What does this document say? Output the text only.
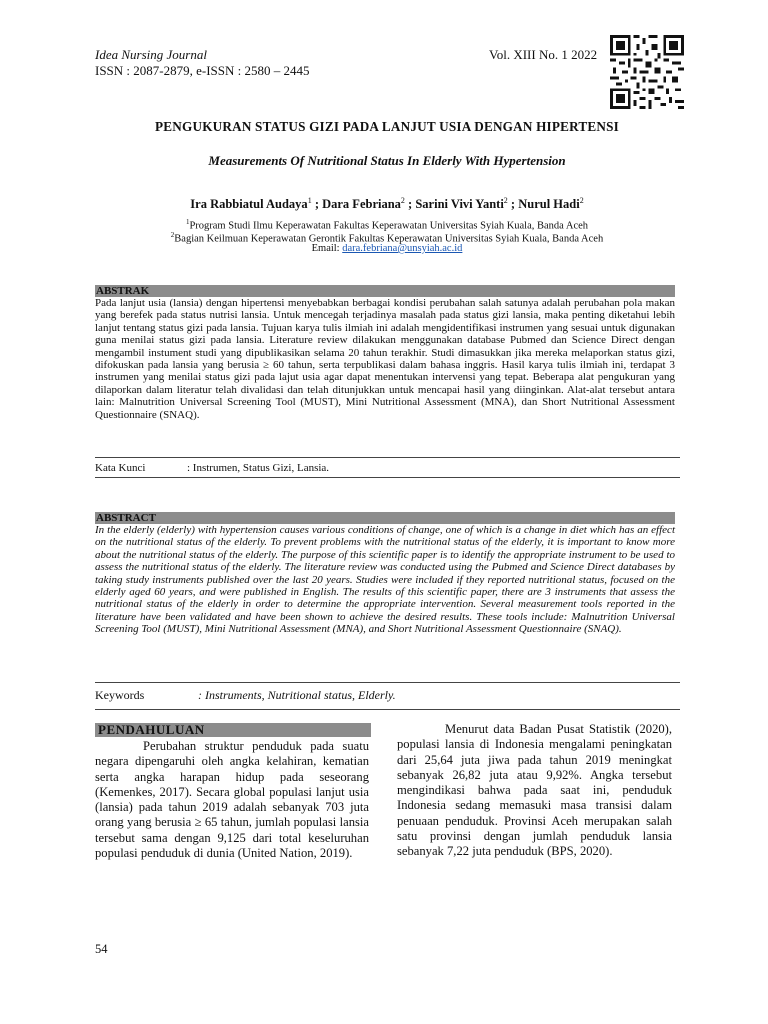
Idea Nursing Journal
ISSN : 2087-2879, e-ISSN : 2580 – 2445
Vol. XIII No. 1 2022
PENGUKURAN STATUS GIZI PADA LANJUT USIA DENGAN HIPERTENSI
Measurements Of Nutritional Status In Elderly With Hypertension
Ira Rabbiatul Audaya$^1$ ; Dara Febriana$^2$ ; Sarini Vivi Yanti$^2$ ; Nurul Hadi$^2$
$^1$Program Studi Ilmu Keperawatan Fakultas Keperawatan Universitas Syiah Kuala, Banda Aceh
$^2$Bagian Keilmuan Keperawatan Gerontik Fakultas Keperawatan Universitas Syiah Kuala, Banda Aceh
Email: dara.febriana@unsyiah.ac.id
ABSTRAK

Pada lanjut usia (lansia) dengan hipertensi menyebabkan berbagai kondisi perubahan salah satunya adalah perubahan pola makan yang berefek pada status nutrisi lansia. Untuk mencegah terjadinya masalah pada status gizi lansia, maka penting diketahui lebih lanjut tentang status gizi pada lansia. Tujuan karya tulis ilmiah ini adalah mengidentifikasi instrumen yang sesuai untuk digunakan guna menilai status gizi pada lansia. Literature review dilakukan menggunakan database Pubmed dan Science Direct dengan mengambil instument studi yang dipublikasikan selama 20 tahun terakhir. Studi dimasukkan jika mereka melaporkan status gizi, difokuskan pada lansia yang berusia ≥ 60 tahun, serta terpublikasi dalam bahasa inggris. Hasil karya tulis ilmiah ini, terdapat 3 instrumen yang menilai status gizi pada lajut usia agar dapat menentukan intervensi yang tepat. Beberapa alat pengukuran yang dilaporkan dalam literatur telah divalidasi dan telah ditunjukkan untuk mencapai hasil yang diinginkan. Alat-alat tersebut antara lain: Malnutrition Universal Screening Tool (MUST), Mini Nutritional Assessment (MNA), dan Short Nutritional Assessment Questionnaire (SNAQ).

Kata Kunci	: Instrumen, Status Gizi, Lansia.
ABSTRACT

In the elderly (elderly) with hypertension causes various conditions of change, one of which is a change in diet which has an effect on the nutritional status of the elderly. To prevent problems with the nutritional status of the elderly, it is important to know more about the nutritional status of the elderly. The purpose of this scientific paper is to identify the appropriate instrument to be used to assess the nutritional status of the elderly. The literature review was conducted using the Pubmed and Science Direct databases by taking study instruments published over the last 20 years. Studies were included if they reported nutritional status, focused on the elderly aged 60 years, and were published in English. The results of this scientific paper, there are 3 instruments that assess the nutritional status of the elderly in order to determine the appropriate intervention. Several measurement tools reported in the literature have been validated and have been shown to achieve the desired results. These tools include: Malnutrition Universal Screening Tool (MUST), Mini Nutritional Assessment (MNA), and Short Nutritional Assessment Questionnaire (SNAQ).

Keywords	: Instruments, Nutritional status, Elderly.
PENDAHULUAN

Perubahan struktur penduduk pada suatu negara dipengaruhi oleh angka kelahiran, kematian serta angka harapan hidup pada seseorang (Kemenkes, 2017). Secara global populasi lanjut usia (lansia) pada tahun 2019 adalah sebanyak 703 juta orang yang berusia ≥ 65 tahun, jumlah populasi lansia tersebut sama dengan 9,125 dari total keseluruhan populasi penduduk di dunia (United Nation, 2019).

Menurut data Badan Pusat Statistik (2020), populasi lansia di Indonesia mengalami peningkatan dari 25,64 juta jiwa pada tahun 2019 meningkat sebanyak 26,82 juta atau 9,92%. Angka tersebut mengindikasi bahwa pada saat ini, penduduk Indonesia sedang memasuki masa transisi dalam penuaan penduduk. Provinsi Aceh merupakan salah satu provinsi dengan jumlah penduduk lansia sebanyak 7,22 juta penduduk (BPS, 2020).

54
